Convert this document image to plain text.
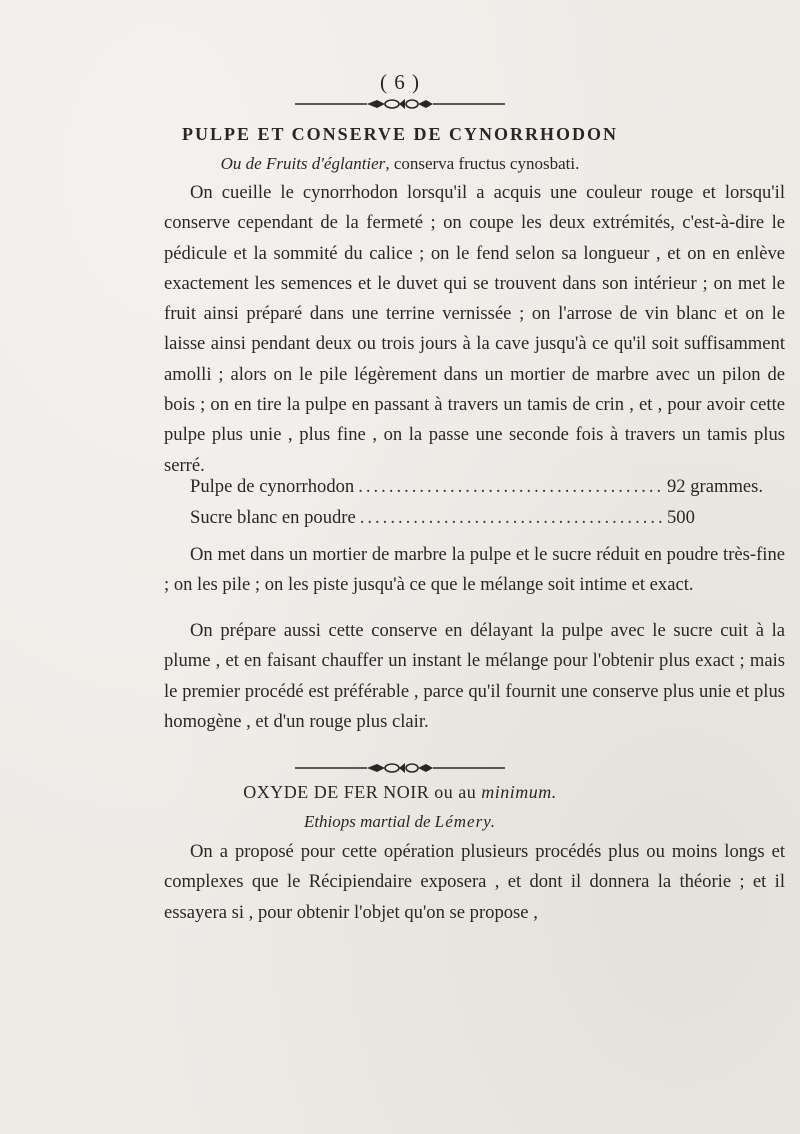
( 6 )
PULPE ET CONSERVE DE CYNORRHODON
Ou de Fruits d'églantier, conserva fructus cynosbati.

On cueille le cynorrhodon lorsqu'il a acquis une couleur rouge et lorsqu'il conserve cependant de la fermeté ; on coupe les deux extrémités, c'est-à-dire le pédicule et la sommité du calice ; on le fend selon sa longueur , et on en enlève exactement les semences et le duvet qui se trouvent dans son intérieur ; on met le fruit ainsi préparé dans une terrine vernissée ; on l'arrose de vin blanc et on le laisse ainsi pendant deux ou trois jours à la cave jusqu'à ce qu'il soit suffisamment amolli ; alors on le pile légèrement dans un mortier de marbre avec un pilon de bois ; on en tire la pulpe en passant à travers un tamis de crin , et , pour avoir cette pulpe plus unie , plus fine , on la passe une seconde fois à travers un tamis plus serré.

Pulpe de cynorrhodon .....	92 grammes.
Sucre blanc en poudre .....	500

On met dans un mortier de marbre la pulpe et le sucre réduit en poudre très-fine ; on les pile ; on les piste jusqu'à ce que le mélange soit intime et exact.

On prépare aussi cette conserve en délayant la pulpe avec le sucre cuit à la plume , et en faisant chauffer un instant le mélange pour l'obtenir plus exact ; mais le premier procédé est préférable , parce qu'il fournit une conserve plus unie et plus homogène , et d'un rouge plus clair.

OXYDE DE FER NOIR ou au minimum.
Ethiops martial de Lémery.

On a proposé pour cette opération plusieurs procédés plus ou moins longs et complexes que le Récipiendaire exposera , et dont il donnera la théorie ; et il essayera si , pour obtenir l'objet qu'on se propose ,
